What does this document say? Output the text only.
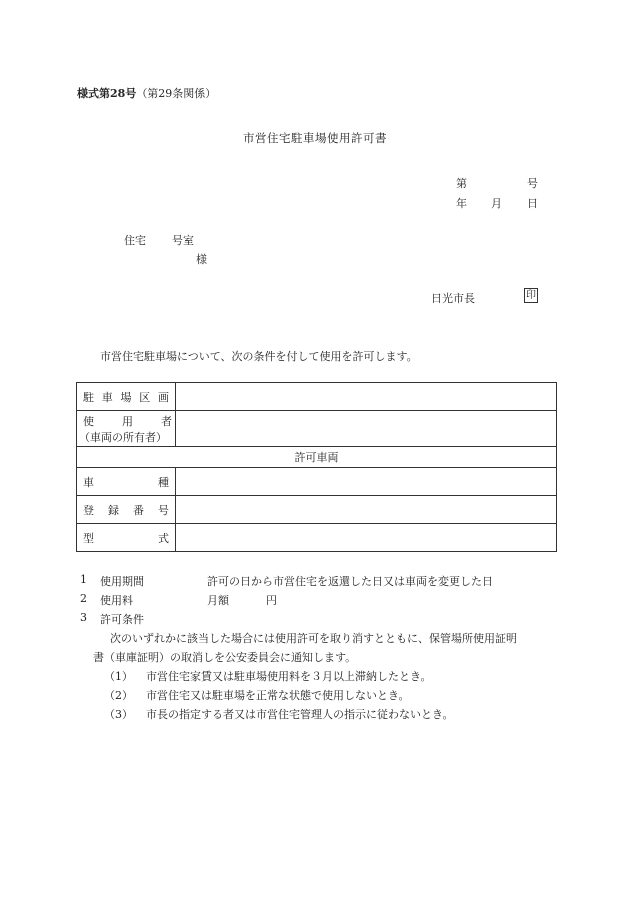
様式第28号（第29条関係）
市営住宅駐車場使用許可書
第	号
年 月 日
住宅 号室
様
日光市長	印
市営住宅駐車場について、次の条件を付して使用を許可します。
駐 車 場 区 画	

使 用 者
（車両の所有者）	

許可車両	

車 種	

登 録 番 号	

型 式	

1 使用期間	許可の日から市営住宅を返還した日又は車両を変更した日
2 使用料	月額	円
3 許可条件
次のいずれかに該当した場合には使用許可を取り消すとともに、保管場所使用証明
書（車庫証明）の取消しを公安委員会に通知します。
（1） 市営住宅家賃又は駐車場使用料を３月以上滞納したとき。
（2） 市営住宅又は駐車場を正常な状態で使用しないとき。
（3） 市長の指定する者又は市営住宅管理人の指示に従わないとき。
